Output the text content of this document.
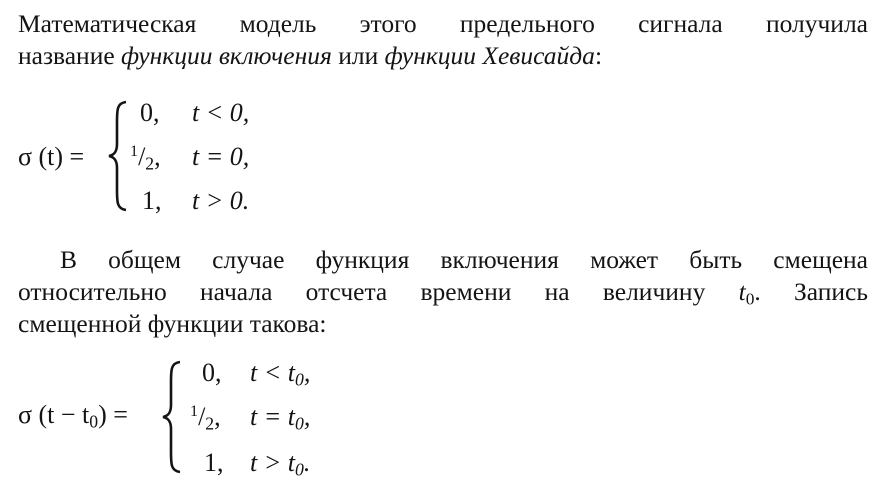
Математическая модель этого предельного сигнала получила
название функции включения или функции Хевисайда:
σ (t) =
0, t < 0,
$^1/_2$, t = 0,
1, t > 0.
В общем случае функция включения может быть смещена
относительно начала отсчета времени на величину $t_0$. Запись
смещенной функции такова:
σ $(t - t_0)$ =
0, $t < t_0$,
$^1/_2$, $t = t_0$,
1, $t > t_0$.
